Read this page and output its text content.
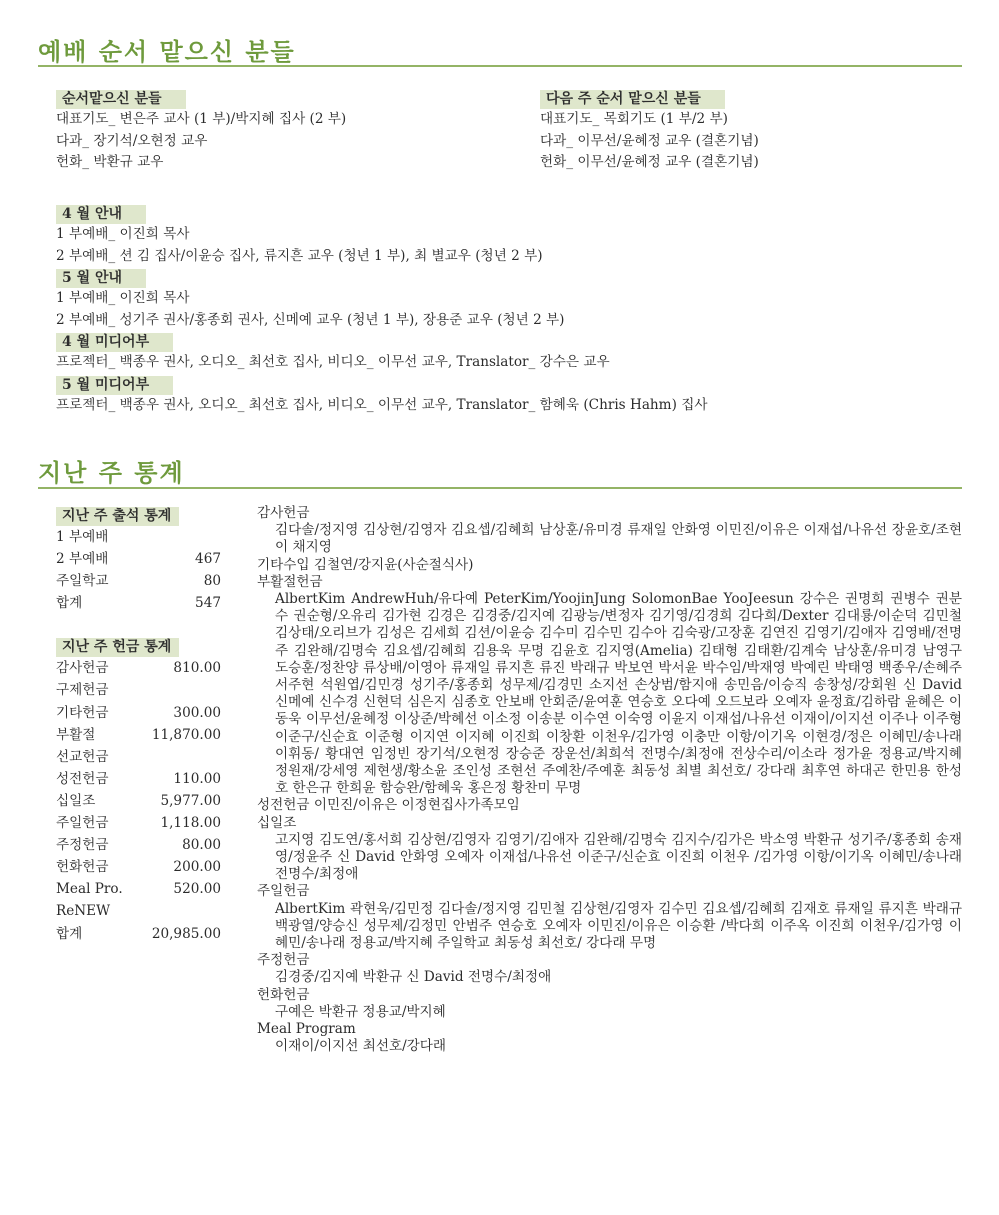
예배 순서 맡으신 분들
순서맡으신 분들
대표기도_ 변은주 교사 (1 부)/박지혜 집사 (2 부)
다과_ 장기석/오현정 교우
헌화_ 박환규 교우
다음 주 순서 맡으신 분들
대표기도_ 목회기도 (1 부/2 부)
다과_ 이무선/윤혜정 교우 (결혼기념)
헌화_ 이무선/윤혜정 교우 (결혼기념)
4 월 안내
1 부예배_ 이진희 목사
2 부예배_ 션 김 집사/이윤승 집사, 류지흔 교우 (청년 1 부), 최 별교우 (청년 2 부)
5 월 안내
1 부예배_ 이진희 목사
2 부예배_ 성기주 권사/홍종회 권사, 신메예 교우 (청년 1 부), 장용준 교우 (청년 2 부)
4 월 미디어부
프로젝터_ 백종우 권사, 오디오_ 최선호 집사, 비디오_ 이무선 교우, Translator_ 강수은 교우
5 월 미디어부
프로젝터_ 백종우 권사, 오디오_ 최선호 집사, 비디오_ 이무선 교우, Translator_ 함혜욱 (Chris Hahm) 집사
지난 주 통계
지난 주 출석 통계
1 부예배
2 부예배	467
주일학교	80
합계	547
지난 주 헌금 통계
감사헌금	810.00
구제헌금
기타헌금	300.00
부활절	11,870.00
선교헌금
성전헌금	110.00
십일조	5,977.00
주일헌금	1,118.00
주정헌금	80.00
헌화헌금	200.00
Meal Pro.	520.00
ReNEW
합계	20,985.00
감사헌금
김다솔/정지영 김상현/김영자 김요셉/김혜희 남상훈/유미경 류재일 안화영 이민진/이유은 이재섭/나유선 장윤호/조현이 채지영
기타수입 김철연/강지윤(사순절식사)
부활절헌금
AlbertKim AndrewHuh/유다예 PeterKim/YoojinJung SolomonBae YooJeesun 강수은 권명희 권병수 권분수 권순형/오유리 김가현 김경은 김경중/김지예 김광능/변정자 김기영/김경희 김다희/Dexter 김대룡/이순덕 김민철 김상태/오리브가 김성은 김세희 김션/이윤승 김수미 김수민 김수아 김숙광/고장훈 김연진 김영기/김애자 김영배/전명주 김완해/김명숙 김요셉/김혜희 김용욱 무명 김윤호 김지영(Amelia) 김태형 김태환/김계숙 남상훈/유미경 남영구 도승훈/정찬양 류상배/이영아 류재일 류지흔 류진 박래규 박보연 박서윤 박수임/박재영 박예린 박태영 백종우/손혜주 서주현 석원엽/김민경 성기주/홍종회 성무제/김경민 소지선 손상범/함지애 송민음/이승직 송창성/강회원 신 David 신메예 신수경 신현덕 심은지 심종호 안보배 안회준/윤여훈 연승호 오다예 오드보라 오예자 윤정효/김하람 윤혜은 이동욱 이무선/윤혜정 이상준/박혜선 이소정 이송분 이수연 이숙영 이윤지 이재섭/나유선 이재이/이지선 이주나 이주형 이준구/신순효 이준형 이지연 이지혜 이진희 이창환 이천우/김가영 이충만 이항/이기옥 이현경/정은 이혜민/송나래 이휘동/ 황대연 임정빈 장기석/오현정 장승준 장운선/최희석 전명수/최정애 전상수리/이소라 정가윤 정용교/박지혜 정원재/강세영 제현생/황소윤 조인성 조현선 주예찬/주예훈 최동성 최별 최선호/ 강다래 최후연 하대곤 한민용 한성호 한은규 한희윤 함승완/함혜욱 홍은정 황찬미 무명
성전헌금 이민진/이유은 이정현집사가족모임
십일조
고지영 김도연/홍서희 김상현/김영자 김영기/김애자 김완해/김명숙 김지수/김가은 박소영 박환규 성기주/홍종회 송재영/정윤주 신 David 안화영 오예자 이재섭/나유선 이준구/신순효 이진희 이천우 /김가영 이항/이기옥 이혜민/송나래 전명수/최정애
주일헌금
AlbertKim 곽현욱/김민정 김다솔/정지영 김민철 김상현/김영자 김수민 김요셉/김혜희 김재호 류재일 류지흔 박래규 백광열/양승신 성무제/김정민 안범주 연승호 오예자 이민진/이유은 이승환 /박다희 이주옥 이진희 이천우/김가영 이혜민/송나래 정용교/박지혜 주일학교 최동성 최선호/ 강다래 무명
주정헌금
김경중/김지예 박환규 신 David 전명수/최정애
헌화헌금
구예은 박환규 정용교/박지혜
Meal Program
이재이/이지선 최선호/강다래
